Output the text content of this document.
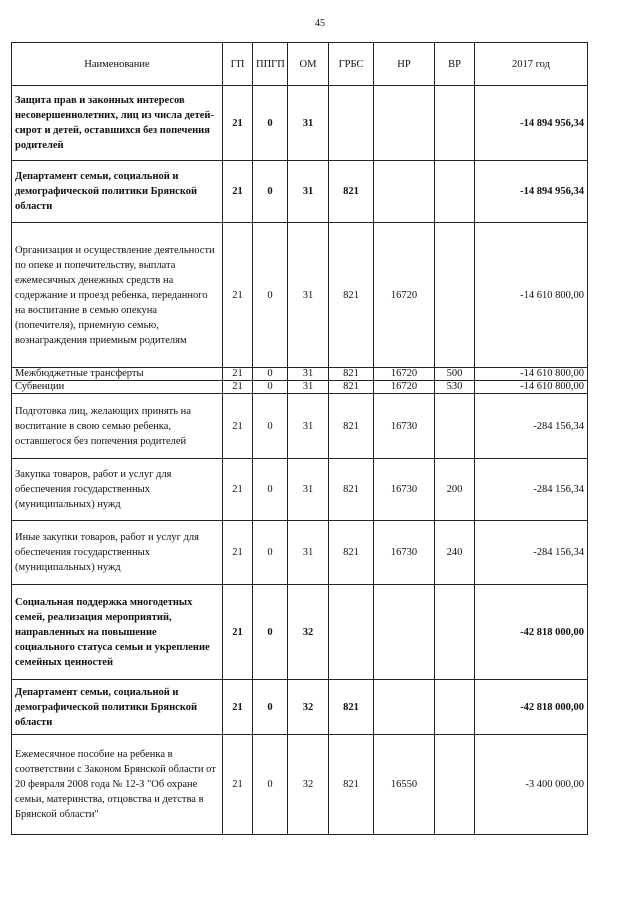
45
Наименование	ГП	ППГП	ОМ	ГРБС	НР	ВР	2017 год
Защита прав и законных интересов несовершеннолетних, лиц из числа детей-сирот и детей, оставшихся без попечения родителей	21	0	31				-14 894 956,34
Департамент семьи, социальной и демографической политики Брянской области	21	0	31	821			-14 894 956,34
Организация и осуществление деятельности по опеке и попечительству, выплата ежемесячных денежных средств на содержание и проезд ребенка, переданного на воспитание в семью опекуна (попечителя), приемную семью, вознаграждения приемным родителям	21	0	31	821	16720		-14 610 800,00
Межбюджетные трансферты	21	0	31	821	16720	500	-14 610 800,00
Субвенции	21	0	31	821	16720	530	-14 610 800,00
Подготовка лиц, желающих принять на воспитание в свою семью ребенка, оставшегося без попечения родителей	21	0	31	821	16730		-284 156,34
Закупка товаров, работ и услуг для обеспечения государственных (муниципальных) нужд	21	0	31	821	16730	200	-284 156,34
Иные закупки товаров, работ и услуг для обеспечения государственных (муниципальных) нужд	21	0	31	821	16730	240	-284 156,34
Социальная поддержка многодетных семей, реализация мероприятий, направленных на повышение социального статуса семьи и укрепление семейных ценностей	21	0	32				-42 818 000,00
Департамент семьи, социальной и демографической политики Брянской области	21	0	32	821			-42 818 000,00
Ежемесячное пособие на ребенка в соответствии с Законом Брянской области от 20 февраля 2008 года № 12-З "Об охране семьи, материнства, отцовства и детства в Брянской области"	21	0	32	821	16550		-3 400 000,00
